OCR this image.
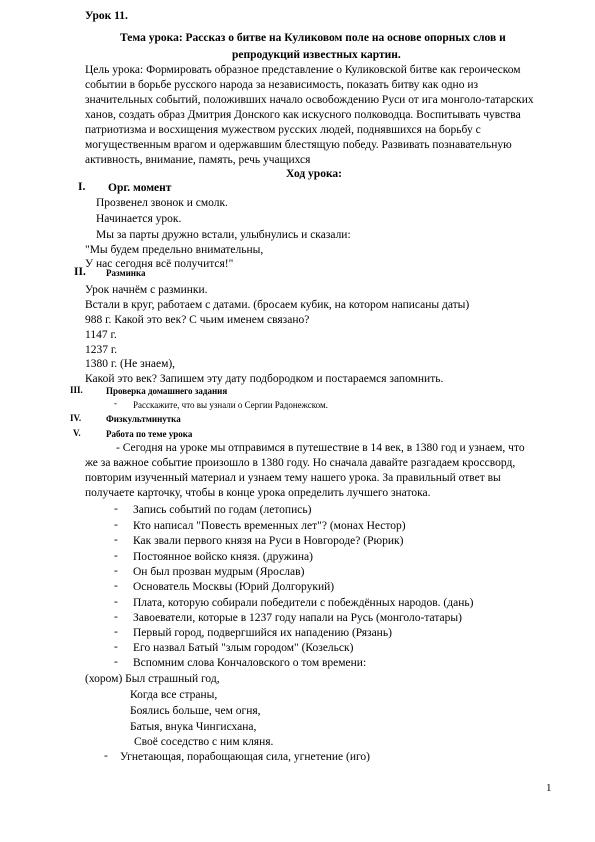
Урок 11.
Тема урока: Рассказ о битве на Куликовом поле на основе опорных слов и
репродукций известных картин.
Цель урока: Формировать образное представление о Куликовской битве как героическом
событии в борьбе русского народа за независимость, показать битву как одно из
значительных событий, положивших начало освобождению Руси от ига монголо-татарских
ханов, создать образ Дмитрия Донского как искусного полководца. Воспитывать чувства
патриотизма и восхищения мужеством русских людей, поднявшихся на борьбу с
могущественным врагом и одержавшим блестящую победу. Развивать познавательную
активность, внимание, память, речь учащихся
Ход урока:
I. Орг. момент
Прозвенел звонок и смолк.
Начинается урок.
Мы за парты дружно встали, улыбнулись и сказали:
"Мы будем предельно внимательны,
У нас сегодня всё получится!"
II. Разминка
Урок начнём с разминки.
Встали в круг, работаем с датами. (бросаем кубик, на котором написаны даты)
988 г. Какой это век? С чьим именем связано?
1147 г.
1237 г.
1380 г. (Не знаем),
Какой это век? Запишем эту дату подбородком и постараемся запомнить.
III.	Проверка домашнего задания
- Расскажите, что вы узнали о Сергии Радонежском.
IV.	Физкультминутка
V.	Работа по теме урока
- Сегодня на уроке мы отправимся в путешествие в 14 век, в 1380 год и узнаем, что
же за важное событие произошло в 1380 году. Но сначала давайте разгадаем кроссворд,
повторим изученный материал и узнаем тему нашего урока. За правильный ответ вы
получаете карточку, чтобы в конце урока определить лучшего знатока.
- Запись событий по годам (летопись)
- Кто написал "Повесть временных лет"? (монах Нестор)
- Как звали первого князя на Руси в Новгороде? (Рюрик)
- Постоянное войско князя. (дружина)
- Он был прозван мудрым (Ярослав)
- Основатель Москвы (Юрий Долгорукий)
- Плата, которую собирали победители с побеждённых народов. (дань)
- Завоеватели, которые в 1237 году напали на Русь (монголо-татары)
- Первый город, подвергшийся их нападению (Рязань)
- Его назвал Батый "злым городом" (Козельск)
- Вспомним слова Кончаловского о том времени:
(хором) Был страшный год,
Когда все страны,
Боялись больше, чем огня,
Батыя, внука Чингисхана,
Своё соседство с ним кляня.
- Угнетающая, порабощающая сила, угнетение (иго)
1
